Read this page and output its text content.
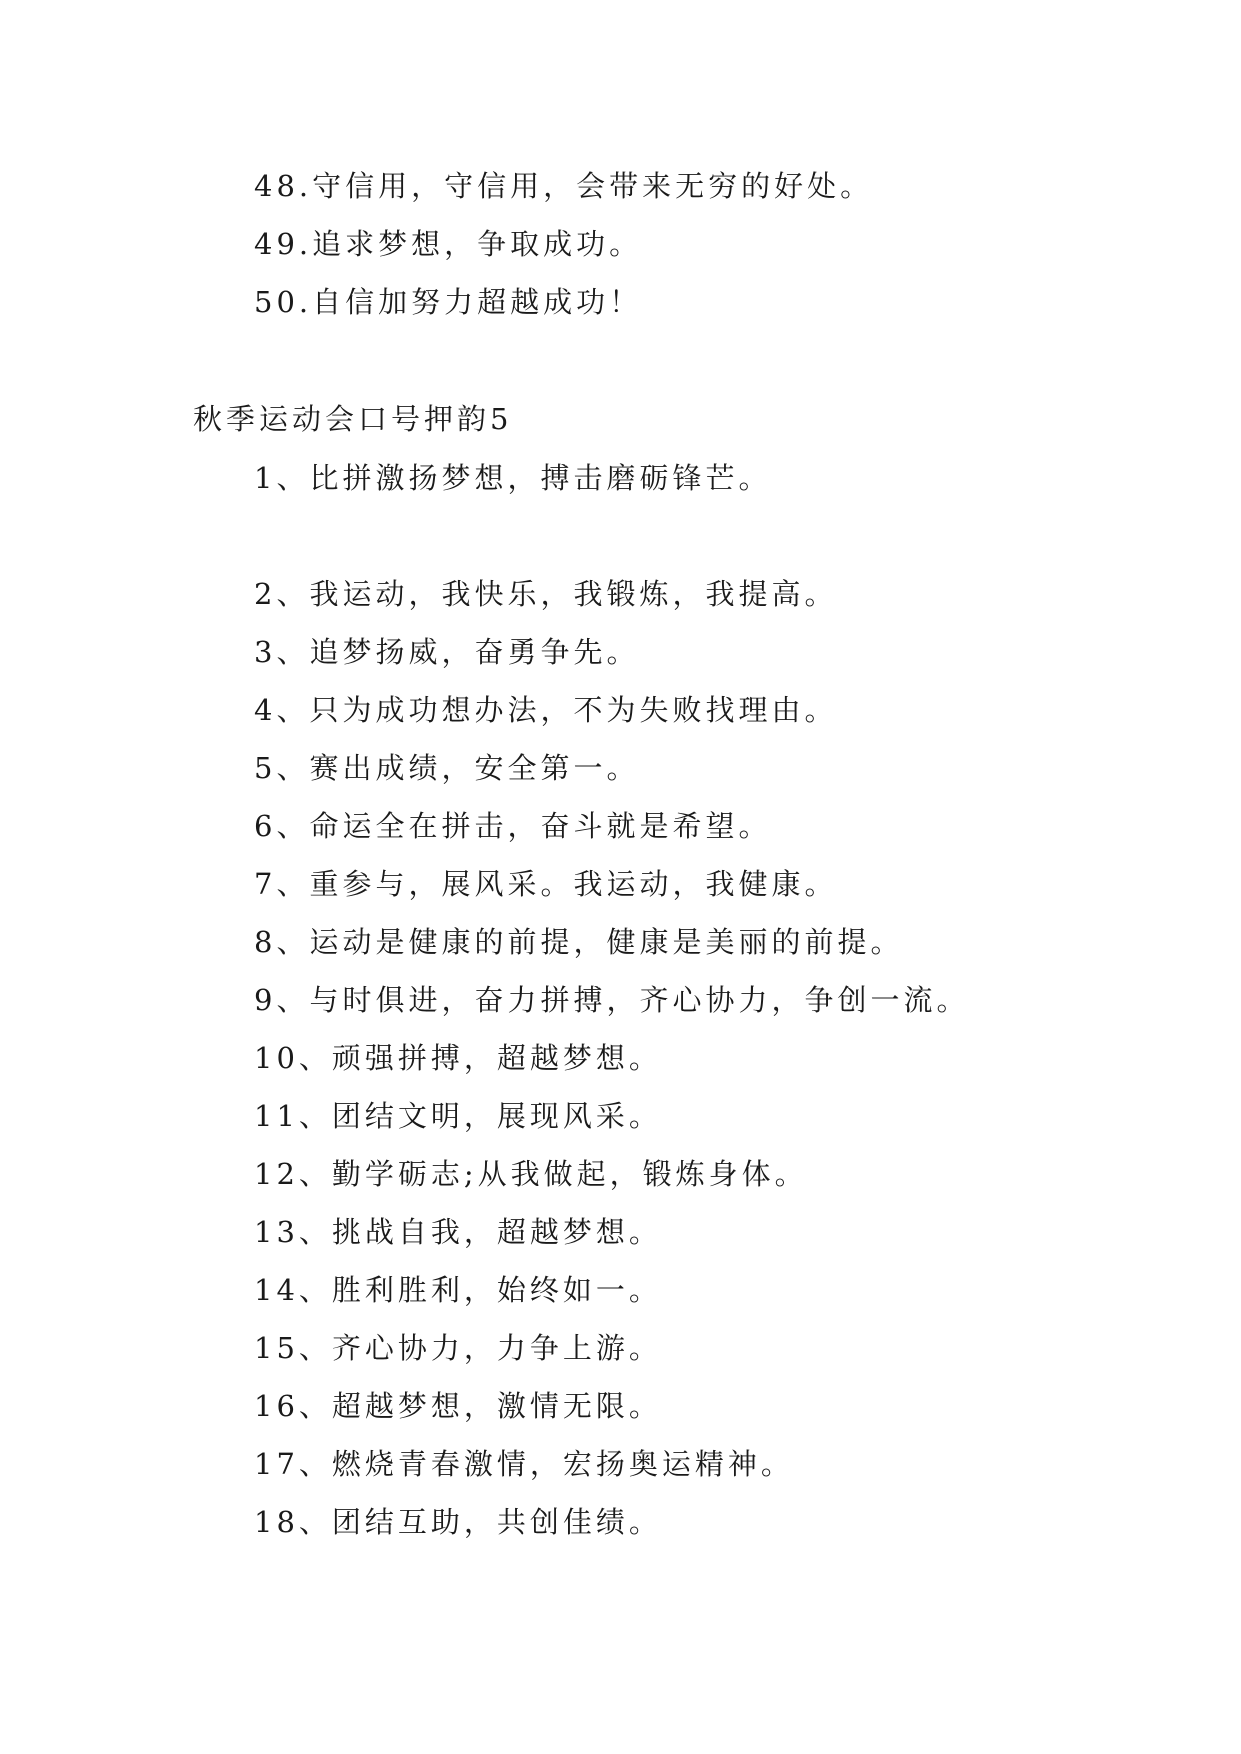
48.守信用，守信用，会带来无穷的好处。
49.追求梦想，争取成功。
50.自信加努力超越成功！
秋季运动会口号押韵5
1、比拼激扬梦想，搏击磨砺锋芒。
2、我运动，我快乐，我锻炼，我提高。
3、追梦扬威，奋勇争先。
4、只为成功想办法，不为失败找理由。
5、赛出成绩，安全第一。
6、命运全在拼击，奋斗就是希望。
7、重参与，展风采。我运动，我健康。
8、运动是健康的前提，健康是美丽的前提。
9、与时俱进，奋力拼搏，齐心协力，争创一流。
10、顽强拼搏，超越梦想。
11、团结文明，展现风采。
12、勤学砺志;从我做起，锻炼身体。
13、挑战自我，超越梦想。
14、胜利胜利，始终如一。
15、齐心协力，力争上游。
16、超越梦想，激情无限。
17、燃烧青春激情，宏扬奥运精神。
18、团结互助，共创佳绩。
